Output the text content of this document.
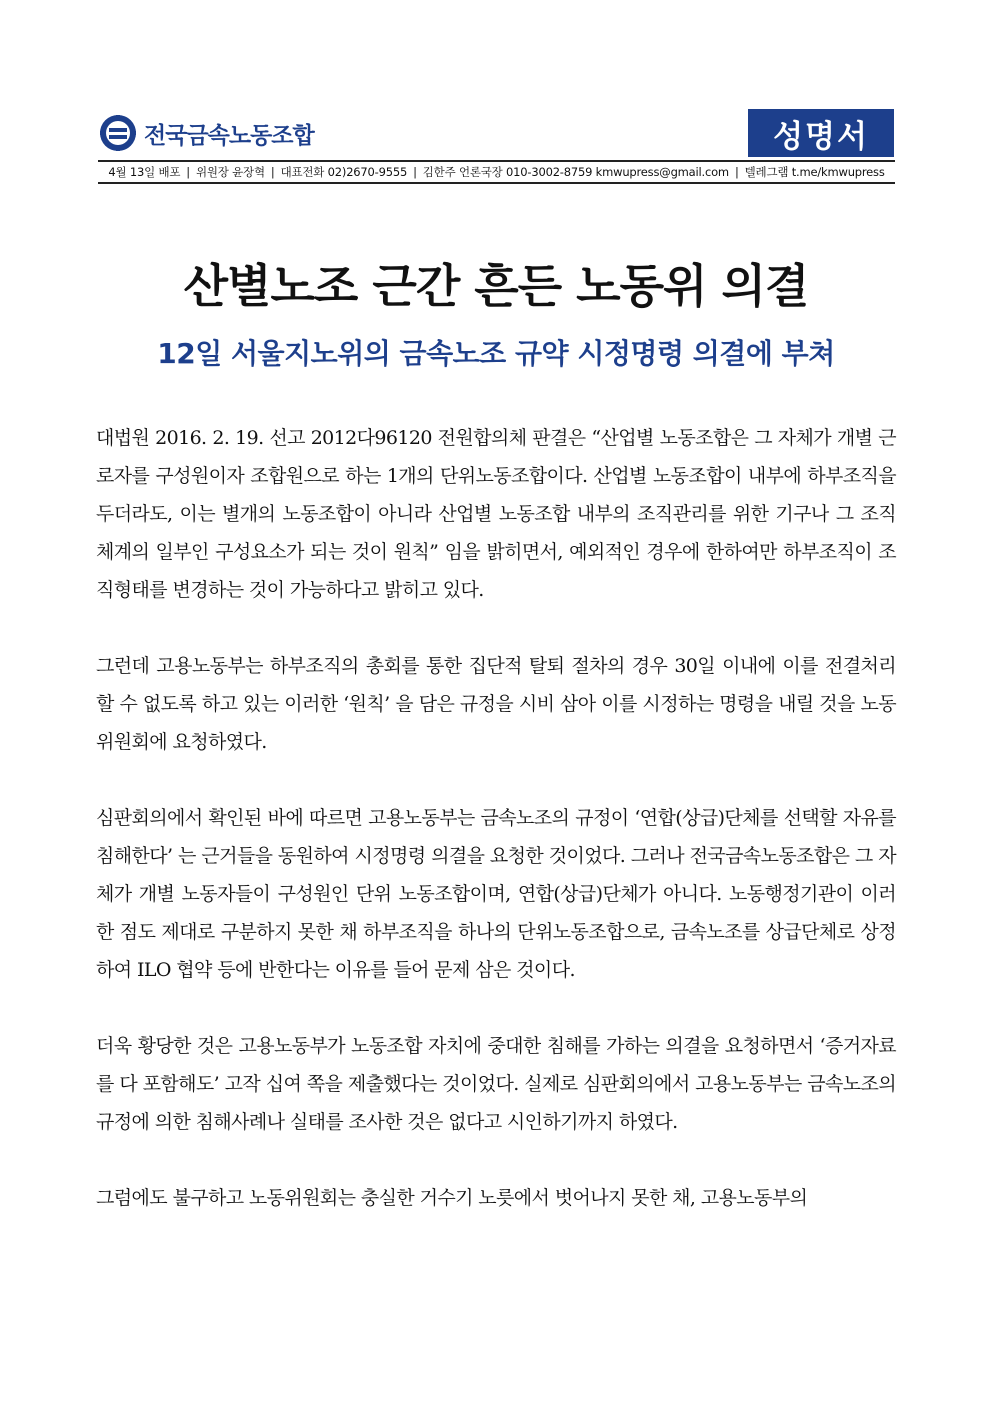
전국금속노동조합	성명서
4월 13일 배포 | 위원장 윤장혁 | 대표전화 02)2670-9555 | 김한주 언론국장 010-3002-8759 kmwupress@gmail.com | 텔레그램 t.me/kmwupress
산별노조 근간 흔든 노동위 의결
12일 서울지노위의 금속노조 규약 시정명령 의결에 부쳐

대법원 2016. 2. 19. 선고 2012다96120 전원합의체 판결은 “산업별 노동조합은 그 자체가 개별 근로자를 구성원이자 조합원으로 하는 1개의 단위노동조합이다. 산업별 노동조합이 내부에 하부조직을 두더라도, 이는 별개의 노동조합이 아니라 산업별 노동조합 내부의 조직관리를 위한 기구나 그 조직 체계의 일부인 구성요소가 되는 것이 원칙” 임을 밝히면서, 예외적인 경우에 한하여만 하부조직이 조직형태를 변경하는 것이 가능하다고 밝히고 있다.

그런데 고용노동부는 하부조직의 총회를 통한 집단적 탈퇴 절차의 경우 30일 이내에 이를 전결처리 할 수 없도록 하고 있는 이러한 ‘원칙’ 을 담은 규정을 시비 삼아 이를 시정하는 명령을 내릴 것을 노동위원회에 요청하였다.

심판회의에서 확인된 바에 따르면 고용노동부는 금속노조의 규정이 ‘연합(상급)단체를 선택할 자유를 침해한다’ 는 근거들을 동원하여 시정명령 의결을 요청한 것이었다. 그러나 전국금속노동조합은 그 자체가 개별 노동자들이 구성원인 단위 노동조합이며, 연합(상급)단체가 아니다. 노동행정기관이 이러한 점도 제대로 구분하지 못한 채 하부조직을 하나의 단위노동조합으로, 금속노조를 상급단체로 상정하여 ILO 협약 등에 반한다는 이유를 들어 문제 삼은 것이다.

더욱 황당한 것은 고용노동부가 노동조합 자치에 중대한 침해를 가하는 의결을 요청하면서 ‘증거자료를 다 포함해도’ 고작 십여 쪽을 제출했다는 것이었다. 실제로 심판회의에서 고용노동부는 금속노조의 규정에 의한 침해사례나 실태를 조사한 것은 없다고 시인하기까지 하였다.

그럼에도 불구하고 노동위원회는 충실한 거수기 노릇에서 벗어나지 못한 채, 고용노동부의
